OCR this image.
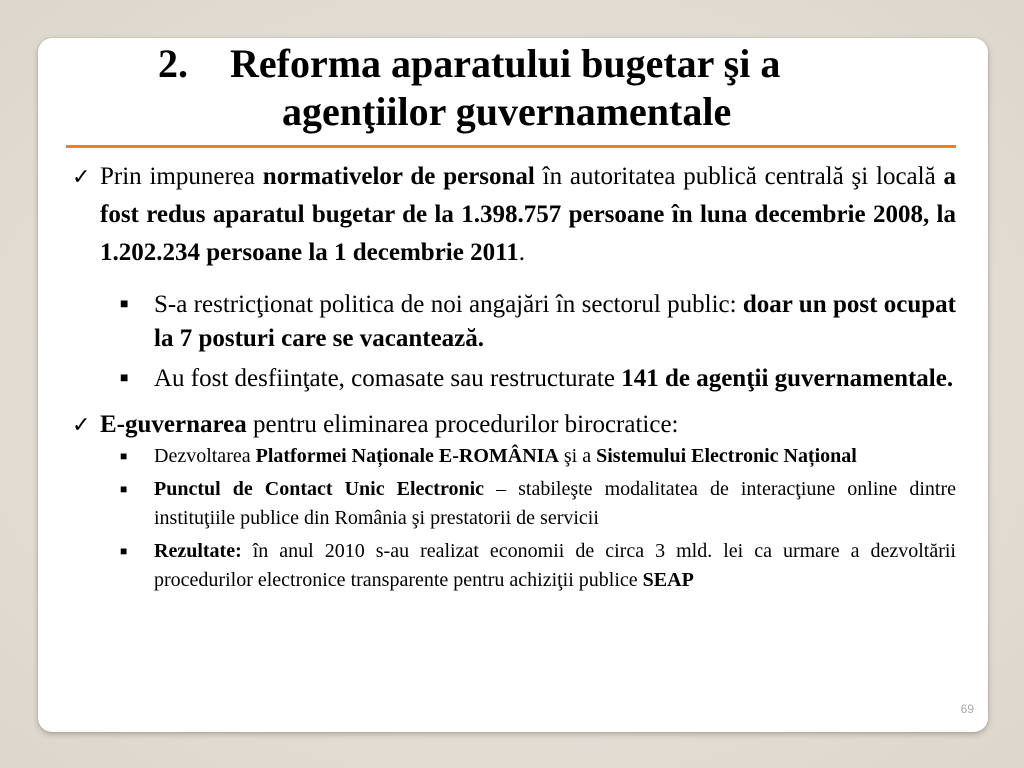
2. Reforma aparatului bugetar şi a
agenţiilor guvernamentale
✓ Prin impunerea normativelor de personal în autoritatea publică centrală şi locală a fost redus aparatul bugetar de la 1.398.757 persoane în luna decembrie 2008, la 1.202.234 persoane la 1 decembrie 2011.
■ S-a restricţionat politica de noi angajări în sectorul public: doar un post ocupat la 7 posturi care se vacantează.
■ Au fost desfiinţate, comasate sau restructurate 141 de agenţii guvernamentale.
✓ E-guvernarea pentru eliminarea procedurilor birocratice:
■ Dezvoltarea Platformei Naționale E-ROMÂNIA şi a Sistemului Electronic Național
■ Punctul de Contact Unic Electronic – stabileşte modalitatea de interacţiune online dintre instituţiile publice din România şi prestatorii de servicii
■ Rezultate: în anul 2010 s-au realizat economii de circa 3 mld. lei ca urmare a dezvoltării procedurilor electronice transparente pentru achiziţii publice SEAP
69
